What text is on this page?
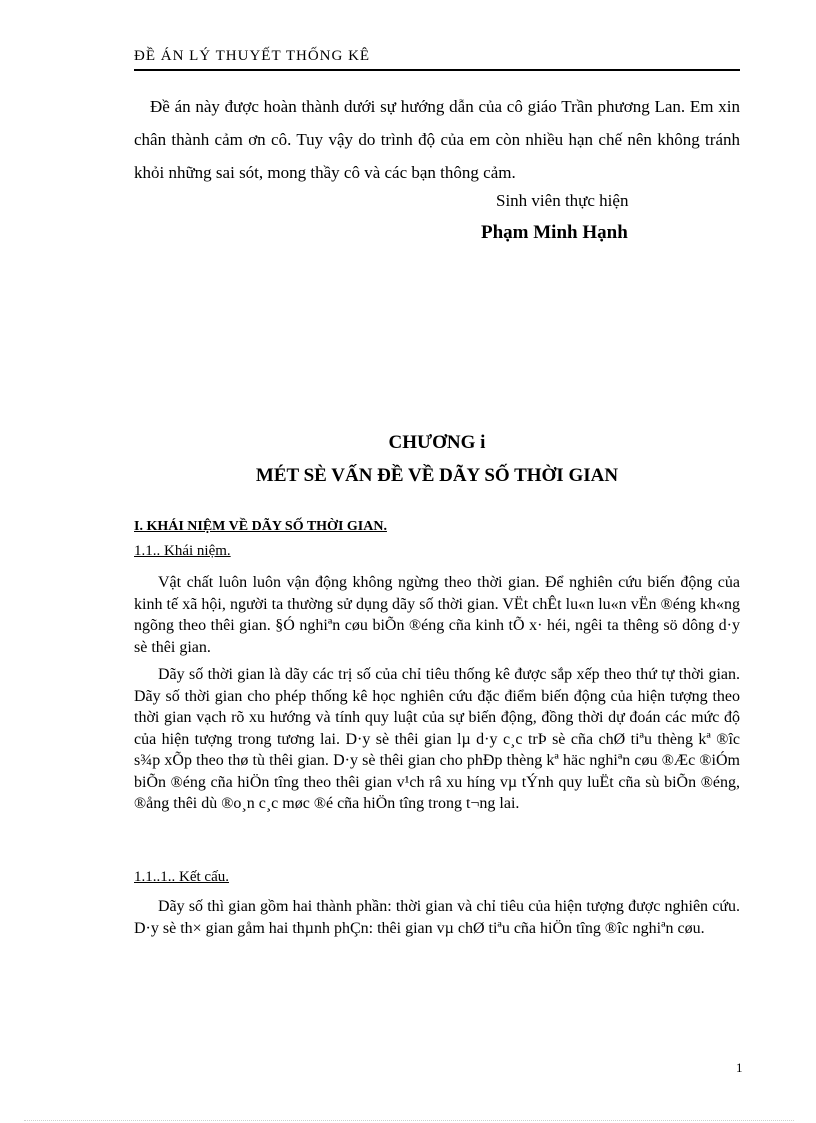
ĐỀ ÁN LÝ THUYẾT THỐNG KÊ
Đề án này được hoàn thành dưới sự hướng dẫn của cô giáo Trần phương Lan. Em xin chân thành cảm ơn cô. Tuy vậy do trình độ của em còn nhiều hạn chế nên không tránh khỏi những sai sót, mong thầy cô và các bạn thông cảm.
Sinh viên thực hiện
Phạm Minh Hạnh
CHƯƠNG i
MÉT SÈ VẤN ĐỀ VỀ DÃY SỐ THỜI GIAN
I. KHÁI NIỆM VỀ DÃY SỐ THỜI GIAN.
1.1.. Khái niệm.
Vật chất luôn luôn vận động không ngừng theo thời gian. Để nghiên cứu biến động của kinh tế xã hội, người ta thường sử dụng dãy số thời gian. VËt chÊt lu«n lu«n vËn ®éng kh«ng ngõng theo thêi gian. §Ó nghiªn cøu biÕn ®éng cña kinh tÕ x· héi, ngêi ta thêng sö dông d·y sè thêi gian.
Dãy số thời gian là dãy các trị số của chỉ tiêu thống kê được sắp xếp theo thứ tự thời gian. Dãy số thời gian cho phép thống kê học nghiên cứu đặc điểm biến động của hiện tượng theo thời gian vạch rõ xu hướng và tính quy luật của sự biến động, đồng thời dự đoán các mức độ của hiện tượng trong tương lai. D·y sè thêi gian lµ d·y c¸c trÞ sè cña chØ tiªu thèng kª ®îc s¾p xÕp theo thø tù thêi gian. D·y sè thêi gian cho phÐp thèng kª häc nghiªn cøu ®Æc ®iÓm biÕn ®éng cña hiÖn tîng theo thêi gian v¹ch râ xu híng vµ tÝnh quy luËt cña sù biÕn ®éng, ®ång thêi dù ®o¸n c¸c møc ®é cña hiÖn tîng trong t¬ng lai.
1.1..1.. Kết cấu.
Dãy số thì gian gồm hai thành phần: thời gian và chỉ tiêu của hiện tượng được nghiên cứu. D·y sè th× gian gåm hai thµnh phÇn: thêi gian vµ chØ tiªu cña hiÖn tîng ®îc nghiªn cøu.
1
